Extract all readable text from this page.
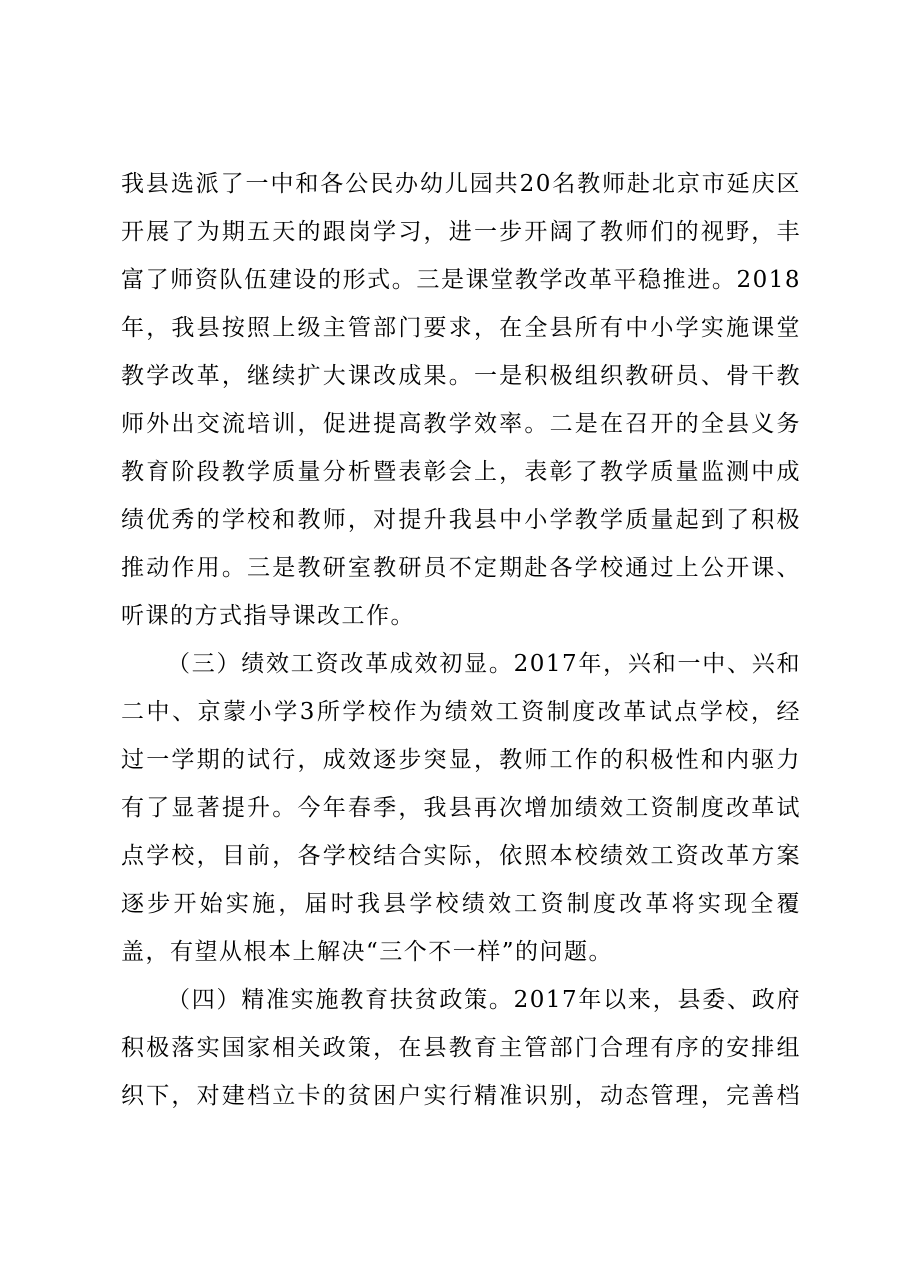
我县选派了一中和各公民办幼儿园共20名教师赴北京市延庆区
开展了为期五天的跟岗学习，进一步开阔了教师们的视野，丰
富了师资队伍建设的形式。三是课堂教学改革平稳推进。2018
年，我县按照上级主管部门要求，在全县所有中小学实施课堂
教学改革，继续扩大课改成果。一是积极组织教研员、骨干教
师外出交流培训，促进提高教学效率。二是在召开的全县义务
教育阶段教学质量分析暨表彰会上，表彰了教学质量监测中成
绩优秀的学校和教师，对提升我县中小学教学质量起到了积极
推动作用。三是教研室教研员不定期赴各学校通过上公开课、
听课的方式指导课改工作。
（三）绩效工资改革成效初显。2017年，兴和一中、兴和
二中、京蒙小学3所学校作为绩效工资制度改革试点学校，经
过一学期的试行，成效逐步突显，教师工作的积极性和内驱力
有了显著提升。今年春季，我县再次增加绩效工资制度改革试
点学校，目前，各学校结合实际，依照本校绩效工资改革方案
逐步开始实施，届时我县学校绩效工资制度改革将实现全覆
盖，有望从根本上解决“三个不一样”的问题。
（四）精准实施教育扶贫政策。2017年以来，县委、政府
积极落实国家相关政策，在县教育主管部门合理有序的安排组
织下，对建档立卡的贫困户实行精准识别，动态管理，完善档
